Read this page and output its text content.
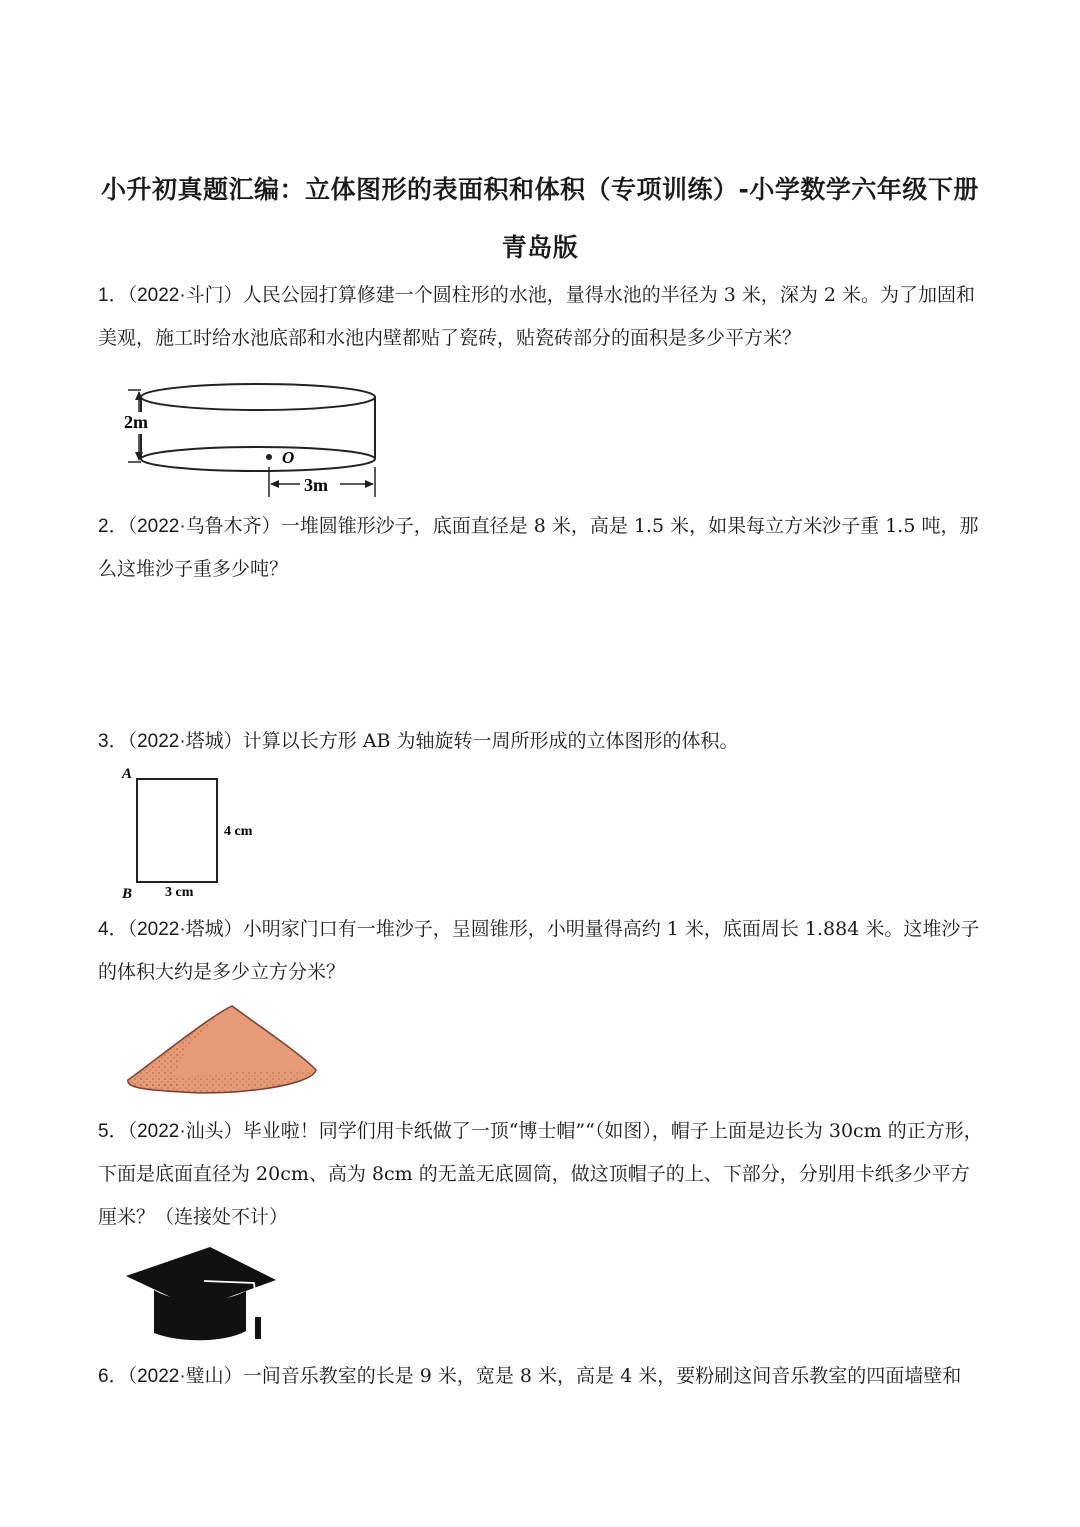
小升初真题汇编：立体图形的表面积和体积（专项训练）-小学数学六年级下册
青岛版
1．（2022·斗门）人民公园打算修建一个圆柱形的水池，量得水池的半径为 3 米，深为 2 米。为了加固和美观，施工时给水池底部和水池内壁都贴了瓷砖，贴瓷砖部分的面积是多少平方米？
2m
O
3m
2．（2022·乌鲁木齐）一堆圆锥形沙子，底面直径是 8 米，高是 1.5 米，如果每立方米沙子重 1.5 吨，那么这堆沙子重多少吨？
3．（2022·塔城）计算以长方形 AB 为轴旋转一周所形成的立体图形的体积。
A
4 cm
B 3 cm
4．（2022·塔城）小明家门口有一堆沙子，呈圆锥形，小明量得高约 1 米，底面周长 1.884 米。这堆沙子的体积大约是多少立方分米？
5．（2022·汕头）毕业啦！同学们用卡纸做了一顶“博士帽”“（如图），帽子上面是边长为 30cm 的正方形，下面是底面直径为 20cm、高为 8cm 的无盖无底圆筒，做这顶帽子的上、下部分，分别用卡纸多少平方厘米？（连接处不计）
6．（2022·璧山）一间音乐教室的长是 9 米，宽是 8 米，高是 4 米，要粉刷这间音乐教室的四面墙壁和
